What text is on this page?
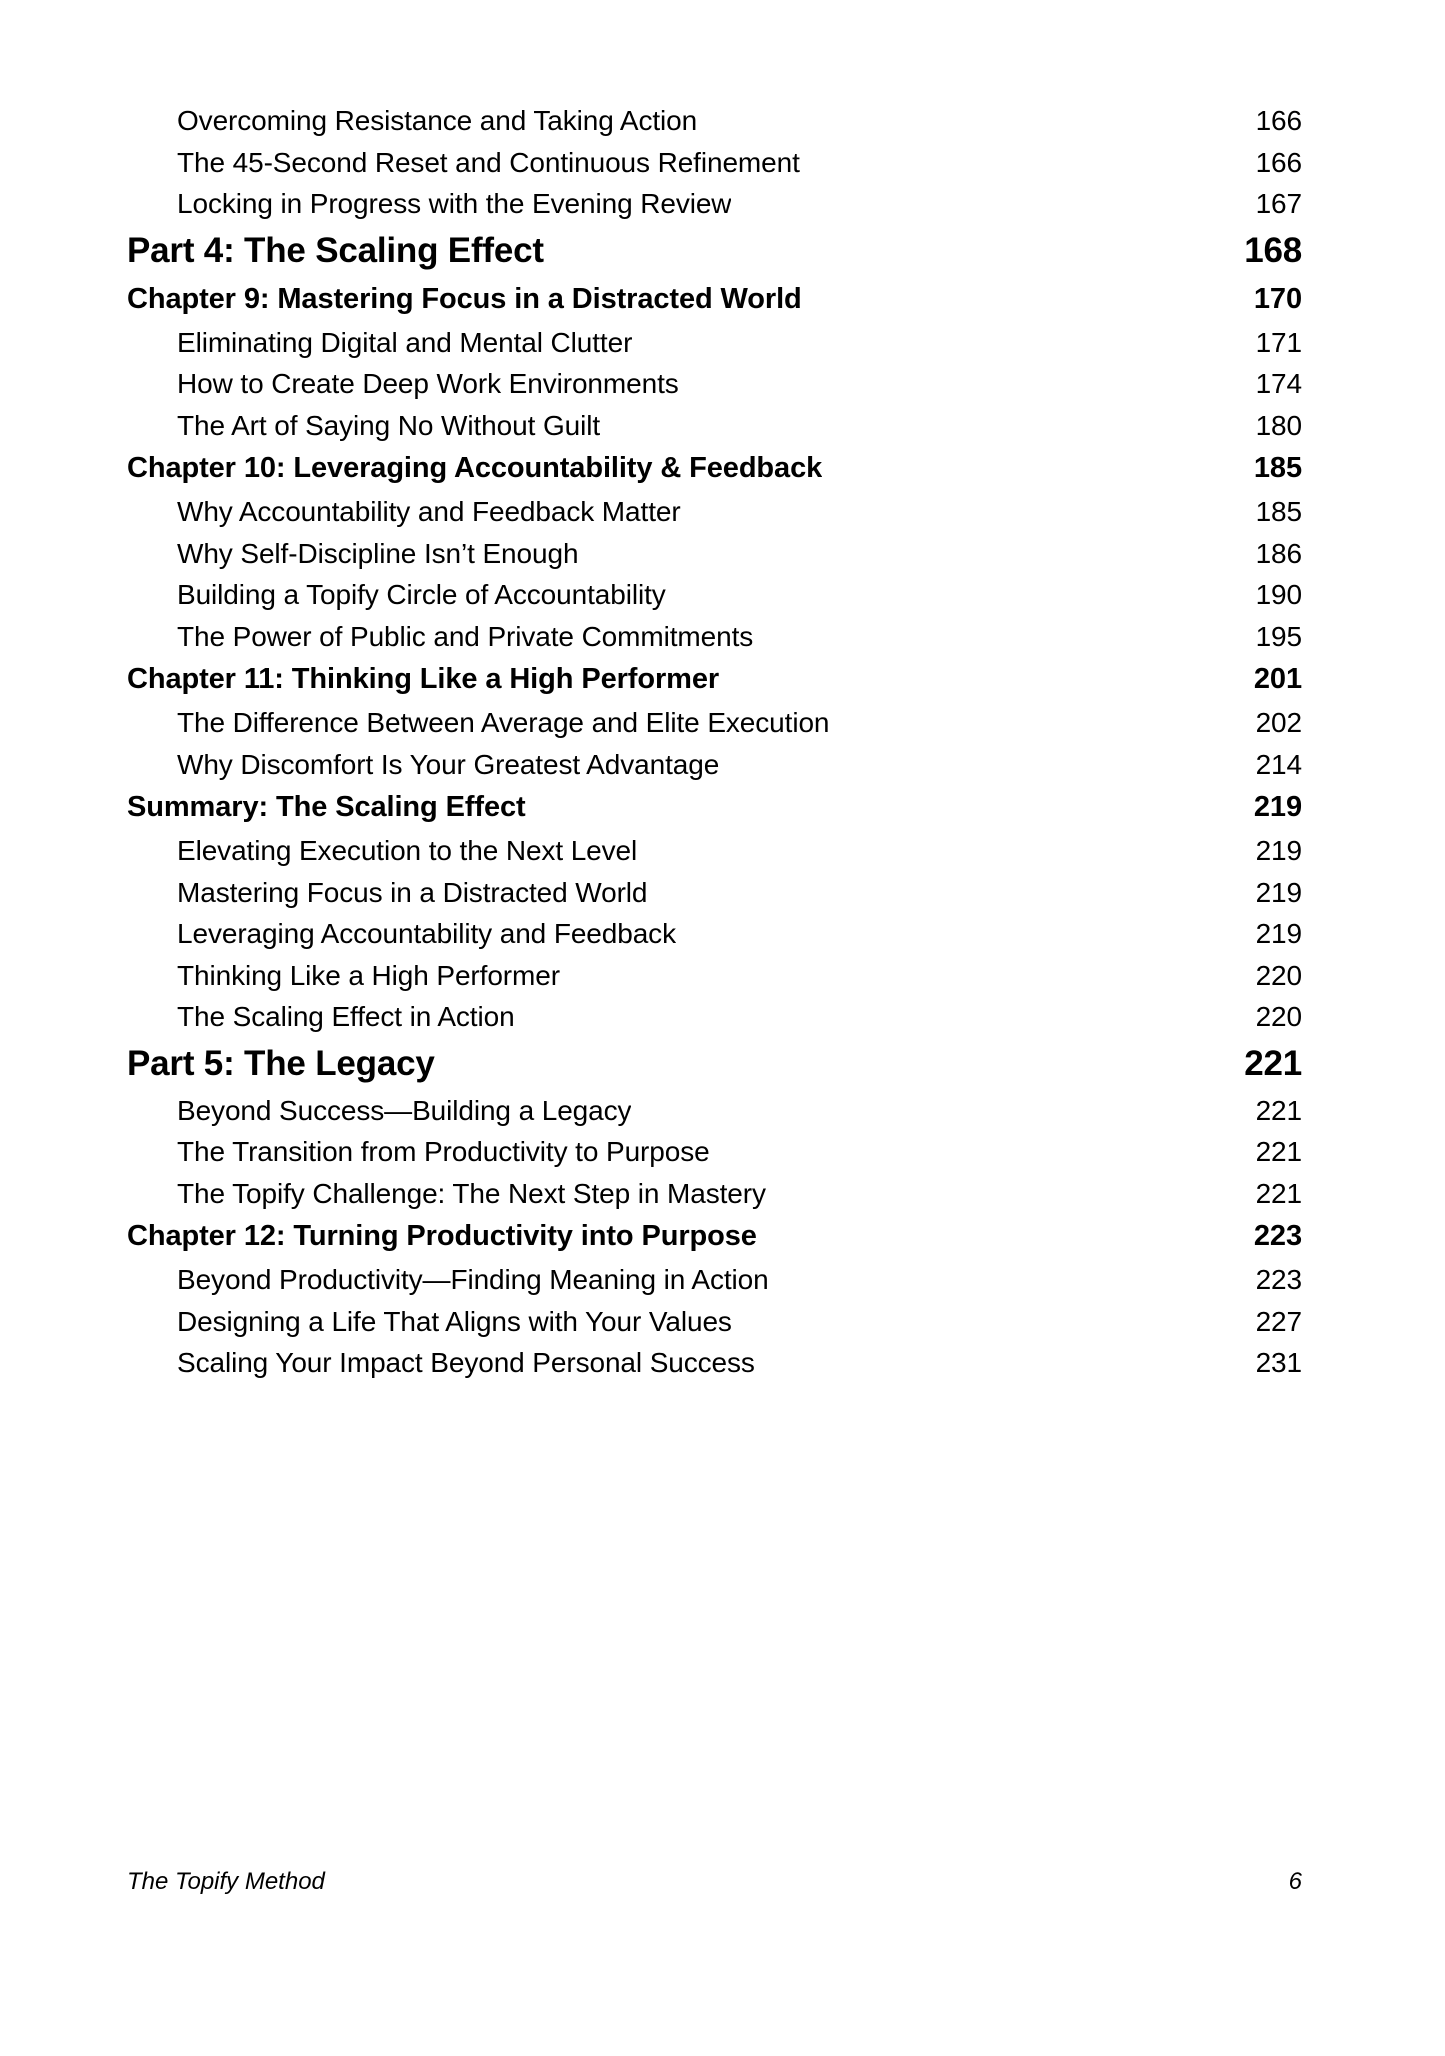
Overcoming Resistance and Taking Action	166
The 45-Second Reset and Continuous Refinement	166
Locking in Progress with the Evening Review	167
Part 4: The Scaling Effect	168
Chapter 9: Mastering Focus in a Distracted World	170
Eliminating Digital and Mental Clutter	171
How to Create Deep Work Environments	174
The Art of Saying No Without Guilt	180
Chapter 10: Leveraging Accountability & Feedback	185
Why Accountability and Feedback Matter	185
Why Self-Discipline Isn’t Enough	186
Building a Topify Circle of Accountability	190
The Power of Public and Private Commitments	195
Chapter 11: Thinking Like a High Performer	201
The Difference Between Average and Elite Execution	202
Why Discomfort Is Your Greatest Advantage	214
Summary: The Scaling Effect	219
Elevating Execution to the Next Level	219
Mastering Focus in a Distracted World	219
Leveraging Accountability and Feedback	219
Thinking Like a High Performer	220
The Scaling Effect in Action	220
Part 5: The Legacy	221
Beyond Success—Building a Legacy	221
The Transition from Productivity to Purpose	221
The Topify Challenge: The Next Step in Mastery	221
Chapter 12: Turning Productivity into Purpose	223
Beyond Productivity—Finding Meaning in Action	223
Designing a Life That Aligns with Your Values	227
Scaling Your Impact Beyond Personal Success	231
The Topify Method	6
